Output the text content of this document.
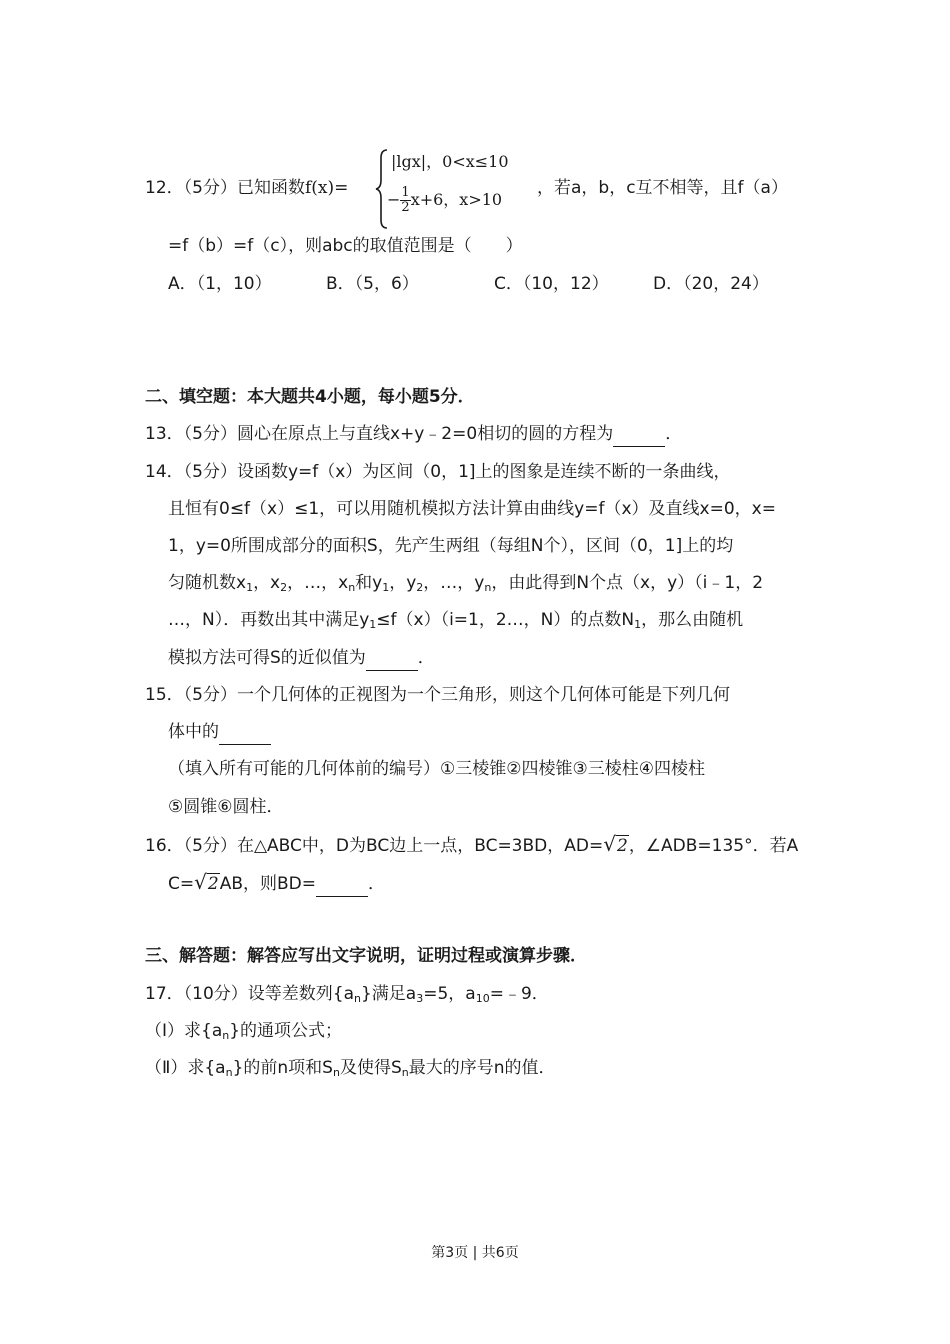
12．（5分）已知函数f(x)=
|lgx|，0<x≤10
− $\frac{1}{2} x+6$，x>10
，若a，b，c互不相等，且f（a）
=f（b）=f（c），则abc的取值范围是（　　）
A．（1，10）	B．（5，6）	C．（10，12）	D．（20，24）
二、填空题：本大题共4小题，每小题5分．
13．（5分）圆心在原点上与直线x+y﹣2=0相切的圆的方程为	．
14．（5分）设函数y=f（x）为区间（0，1]上的图象是连续不断的一条曲线，
且恒有0≤f（x）≤1，可以用随机模拟方法计算由曲线y=f（x）及直线x=0，x=
1，y=0所围成部分的面积S，先产生两组（每组N个），区间（0，1]上的均
匀随机数$x_1$，$x_2$，…，$x_n$和$y_1$，$y_2$，…，$y_n$，由此得到N个点（x，y）（i﹣1，2
…，N）．再数出其中满足$y_1\le f(x)(i=1$，2…，N）的点数$N_1$，那么由随机
模拟方法可得S的近似值为	．
15．（5分）一个几何体的正视图为一个三角形，则这个几何体可能是下列几何
体中的
（填入所有可能的几何体前的编号）①三棱锥②四棱锥③三棱柱④四棱柱
⑤圆锥⑥圆柱．
16．（5分）在△ABC中，D为BC边上一点，BC=3BD，AD=√2，∠ADB=135°．若A
C=√2AB，则BD=	．
三、解答题：解答应写出文字说明，证明过程或演算步骤．
17．（10分）设等差数列$\{a_n\}$满足$a_3=5$，$a_{10}=﹣9$．
（Ⅰ）求$\{a_n\}$的通项公式；
（Ⅱ）求$\{a_n\}$的前n项和$S_n$及使得$S_n$最大的序号n的值．
第3页 | 共6页
